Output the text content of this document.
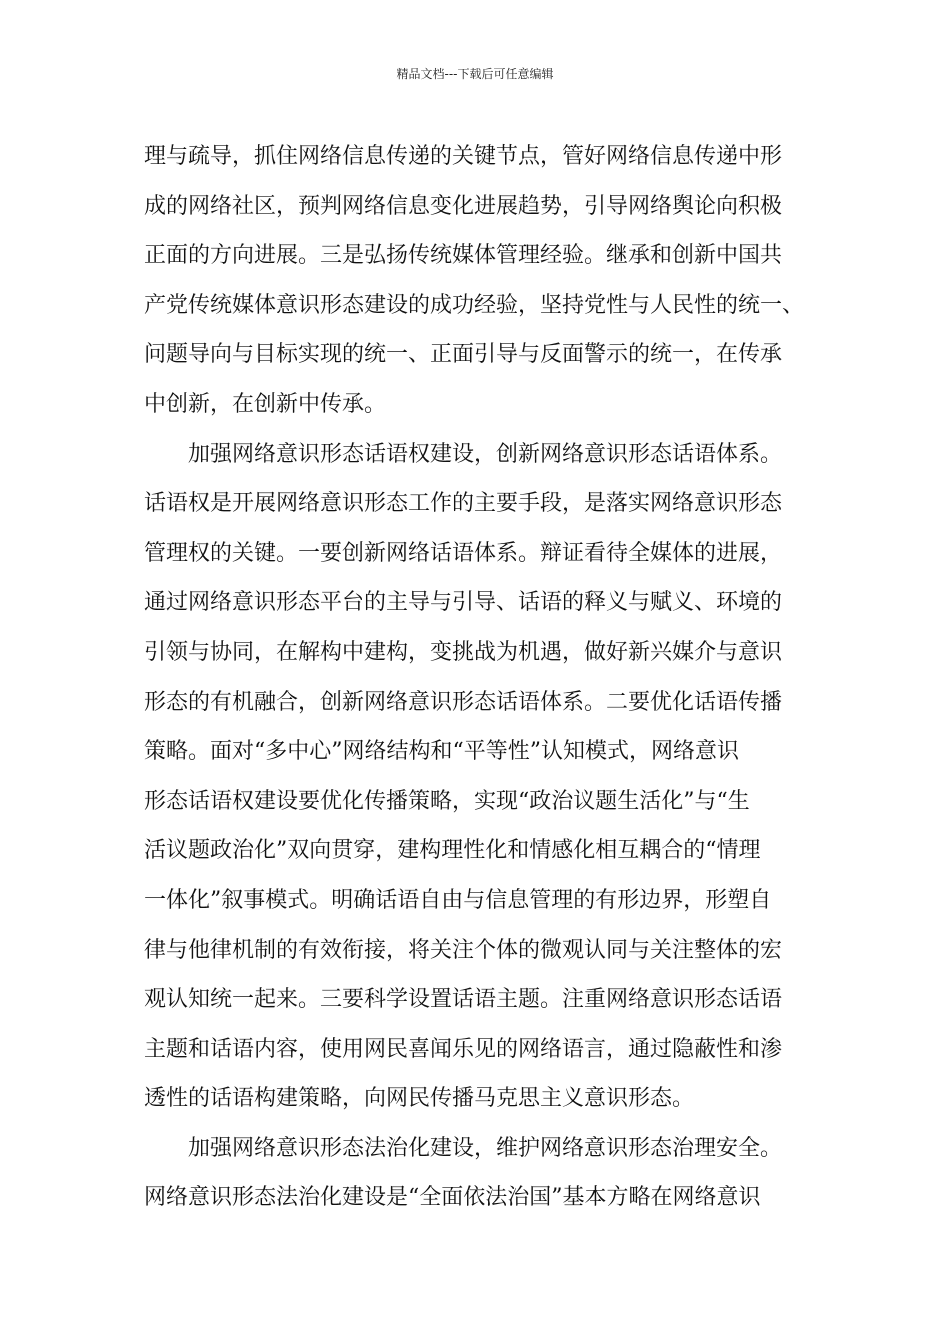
精品文档---下载后可任意编辑
理与疏导，抓住网络信息传递的关键节点，管好网络信息传递中形
成的网络社区，预判网络信息变化进展趋势，引导网络舆论向积极
正面的方向进展。三是弘扬传统媒体管理经验。继承和创新中国共
产党传统媒体意识形态建设的成功经验，坚持党性与人民性的统一、
问题导向与目标实现的统一、正面引导与反面警示的统一，在传承
中创新，在创新中传承。
加强网络意识形态话语权建设，创新网络意识形态话语体系。
话语权是开展网络意识形态工作的主要手段，是落实网络意识形态
管理权的关键。一要创新网络话语体系。辩证看待全媒体的进展，
通过网络意识形态平台的主导与引导、话语的释义与赋义、环境的
引领与协同，在解构中建构，变挑战为机遇，做好新兴媒介与意识
形态的有机融合，创新网络意识形态话语体系。二要优化话语传播
策略。面对“多中心”网络结构和“平等性”认知模式，网络意识
形态话语权建设要优化传播策略，实现“政治议题生活化”与“生
活议题政治化”双向贯穿，建构理性化和情感化相互耦合的“情理
一体化”叙事模式。明确话语自由与信息管理的有形边界，形塑自
律与他律机制的有效衔接，将关注个体的微观认同与关注整体的宏
观认知统一起来。三要科学设置话语主题。注重网络意识形态话语
主题和话语内容，使用网民喜闻乐见的网络语言，通过隐蔽性和渗
透性的话语构建策略，向网民传播马克思主义意识形态。
加强网络意识形态法治化建设，维护网络意识形态治理安全。
网络意识形态法治化建设是“全面依法治国”基本方略在网络意识
